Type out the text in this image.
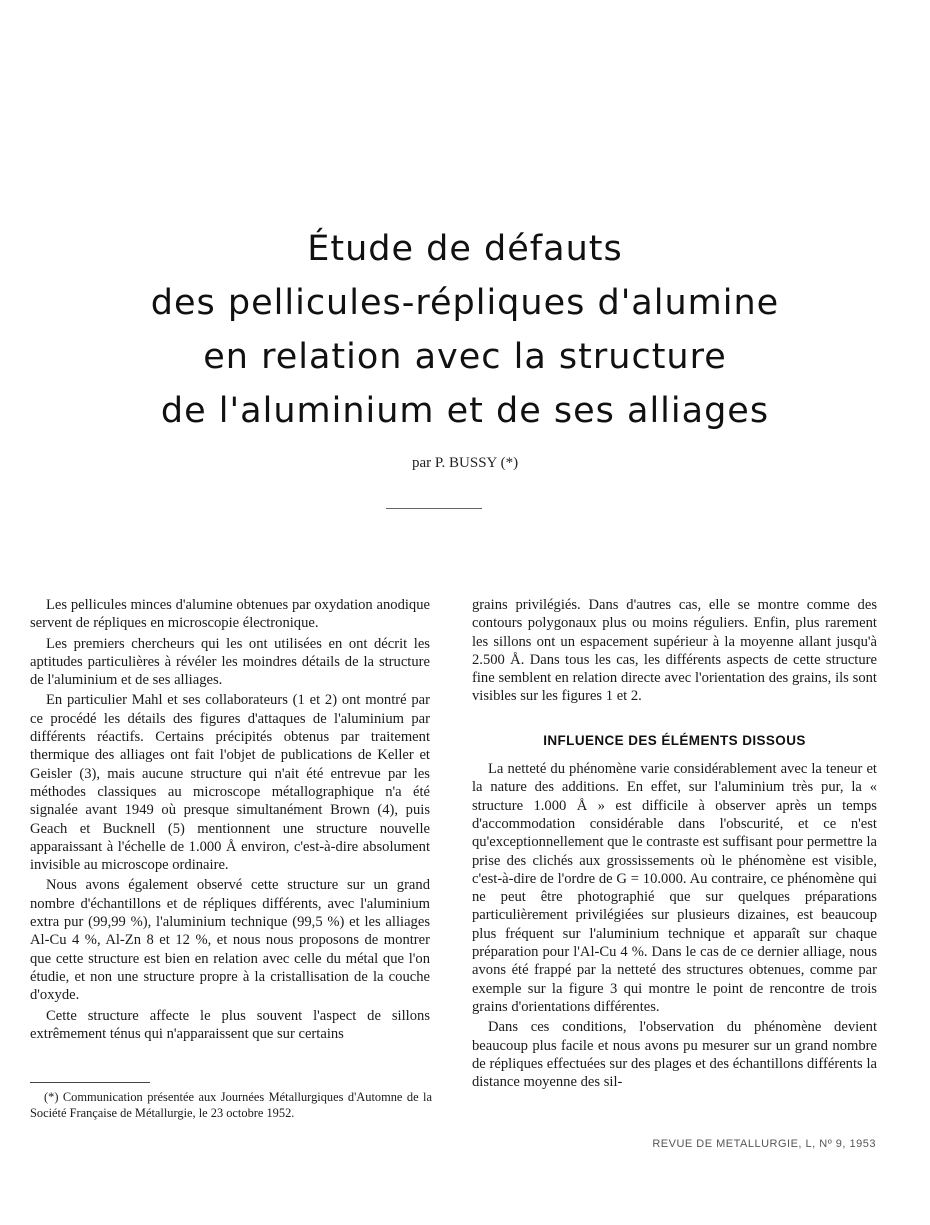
Étude de défauts
des pellicules-répliques d'alumine
en relation avec la structure
de l'aluminium et de ses alliages
par P. BUSSY (*)

Les pellicules minces d'alumine obtenues par oxydation anodique servent de répliques en microscopie électronique.

Les premiers chercheurs qui les ont utilisées en ont décrit les aptitudes particulières à révéler les moindres détails de la structure de l'aluminium et de ses alliages.

En particulier Mahl et ses collaborateurs (1 et 2) ont montré par ce procédé les détails des figures d'attaques de l'aluminium par différents réactifs. Certains précipités obtenus par traitement thermique des alliages ont fait l'objet de publications de Keller et Geisler (3), mais aucune structure qui n'ait été entrevue par les méthodes classiques au microscope métallographique n'a été signalée avant 1949 où presque simultanément Brown (4), puis Geach et Bucknell (5) mentionnent une structure nouvelle apparaissant à l'échelle de 1.000 Å environ, c'est-à-dire absolument invisible au microscope ordinaire.

Nous avons également observé cette structure sur un grand nombre d'échantillons et de répliques différents, avec l'aluminium extra pur (99,99 %), l'aluminium technique (99,5 %) et les alliages Al-Cu 4 %, Al-Zn 8 et 12 %, et nous nous proposons de montrer que cette structure est bien en relation avec celle du métal que l'on étudie, et non une structure propre à la cristallisation de la couche d'oxyde.

Cette structure affecte le plus souvent l'aspect de sillons extrêmement ténus qui n'apparaissent que sur certains

grains privilégiés. Dans d'autres cas, elle se montre comme des contours polygonaux plus ou moins réguliers. Enfin, plus rarement les sillons ont un espacement supérieur à la moyenne allant jusqu'à 2.500 Å. Dans tous les cas, les différents aspects de cette structure fine semblent en relation directe avec l'orientation des grains, ils sont visibles sur les figures 1 et 2.

INFLUENCE DES ÉLÉMENTS DISSOUS

La netteté du phénomène varie considérablement avec la teneur et la nature des additions. En effet, sur l'aluminium très pur, la « structure 1.000 Å » est difficile à observer après un temps d'accommodation considérable dans l'obscurité, et ce n'est qu'exceptionnellement que le contraste est suffisant pour permettre la prise des clichés aux grossissements où le phénomène est visible, c'est-à-dire de l'ordre de G = 10.000. Au contraire, ce phénomène qui ne peut être photographié que sur quelques préparations particulièrement privilégiées sur plusieurs dizaines, est beaucoup plus fréquent sur l'aluminium technique et apparaît sur chaque préparation pour l'Al-Cu 4 %. Dans le cas de ce dernier alliage, nous avons été frappé par la netteté des structures obtenues, comme par exemple sur la figure 3 qui montre le point de rencontre de trois grains d'orientations différentes.

Dans ces conditions, l'observation du phénomène devient beaucoup plus facile et nous avons pu mesurer sur un grand nombre de répliques effectuées sur des plages et des échantillons différents la distance moyenne des sil-

(*) Communication présentée aux Journées Métallurgiques d'Automne de la Société Française de Métallurgie, le 23 octobre 1952.

REVUE DE METALLURGIE, L, Nº 9, 1953
